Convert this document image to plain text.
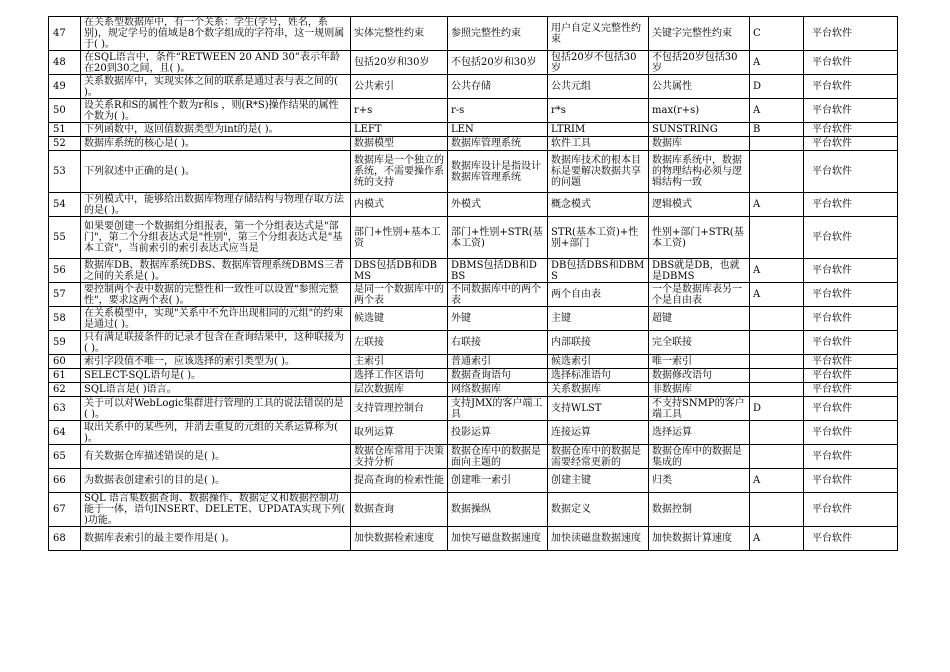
47	在关系型数据库中，有一个关系：学生(学号，姓名，系别)，规定学号的值域是8个数字组成的字符串，这一规则属于( )。	实体完整性约束	参照完整性约束	用户自定义完整性约束	关键字完整性约束	C	平台软件
48	在SQL语言中，条件“RETWEEN 20 AND 30”表示年龄在20到30之间，且( )。	包括20岁和30岁	不包括20岁和30岁	包括20岁不包括30岁	不包括20岁包括30岁	A	平台软件
49	关系数据库中，实现实体之间的联系是通过表与表之间的( )。	公共索引	公共存储	公共元组	公共属性	D	平台软件
50	设关系R和S的属性个数为r和s ，则(R*S)操作结果的属性个数为( )。	r+s	r-s	r*s	max(r+s)	A	平台软件
51	下列函数中，返回值数据类型为int的是( )。	LEFT	LEN	LTRIM	SUNSTRING	B	平台软件
52	数据库系统的核心是( )。	数据模型	数据库管理系统	软件工具	数据库		平台软件
53	下列叙述中正确的是( )。	数据库是一个独立的系统，不需要操作系统的支持	数据库设计是指设计数据库管理系统	数据库技术的根本目标是要解决数据共享的问题	数据库系统中，数据的物理结构必须与逻辑结构一致		平台软件
54	下列模式中，能够给出数据库物理存储结构与物理存取方法的是( )。	内模式	外模式	概念模式	逻辑模式	A	平台软件
55	如果要创建一个数据组分组报表，第一个分组表达式是"部门"，第二个分组表达式是"性别"，第三个分组表达式是"基本工资"，当前索引的索引表达式应当是	部门+性别+基本工资	部门+性别+STR(基本工资)	STR(基本工资)+性别+部门	性别+部门+STR(基本工资)		平台软件
56	数据库DB、数据库系统DBS、数据库管理系统DBMS三者之间的关系是( )。	DBS包括DB和DBMS	DBMS包括DB和DBS	DB包括DBS和DBMS	DBS就是DB，也就是DBMS	A	平台软件
57	要控制两个表中数据的完整性和一致性可以设置"参照完整性"，要求这两个表( )。	是同一个数据库中的两个表	不同数据库中的两个表	两个自由表	一个是数据库表另一个是自由表	A	平台软件
58	在关系模型中，实现"关系中不允许出现相同的元组"的约束是通过( )。	候选键	外键	主键	超键		平台软件
59	只有满足联接条件的记录才包含在查询结果中，这种联接为( )。	左联接	右联接	内部联接	完全联接		平台软件
60	索引字段值不唯一，应该选择的索引类型为( )。	主索引	普通索引	候选索引	唯一索引		平台软件
61	SELECT-SQL语句是( )。	选择工作区语句	数据查询语句	选择标准语句	数据修改语句		平台软件
62	SQL语言是( )语言。	层次数据库	网络数据库	关系数据库	非数据库		平台软件
63	关于可以对WebLogic集群进行管理的工具的说法错误的是( )。	支持管理控制台	支持JMX的客户端工具	支持WLST	不支持SNMP的客户端工具	D	平台软件
64	取出关系中的某些列，并消去重复的元组的关系运算称为( )。	取列运算	投影运算	连接运算	选择运算		平台软件
65	有关数据仓库描述错误的是( )。	数据仓库常用于决策支持分析	数据仓库中的数据是面向主题的	数据仓库中的数据是需要经常更新的	数据仓库中的数据是集成的		平台软件
66	为数据表创建索引的目的是( )。	提高查询的检索性能	创建唯一索引	创建主键	归类	A	平台软件
67	SQL 语言集数据查询、数据操作、数据定义和数据控制功能于一体，语句INSERT、DELETE、UPDATA实现下列( )功能。	数据查询	数据操纵	数据定义	数据控制		平台软件
68	数据库表索引的最主要作用是( )。	加快数据检索速度	加快写磁盘数据速度	加快读磁盘数据速度	加快数据计算速度	A	平台软件
